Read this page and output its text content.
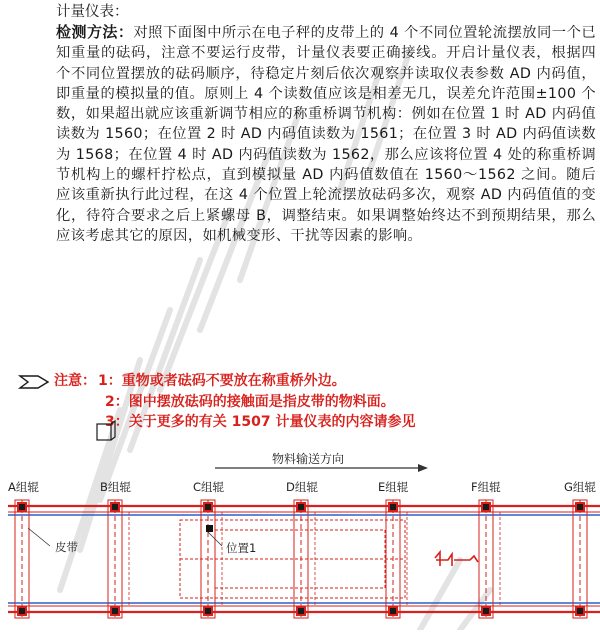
计量仪表：
检测方法：对照下面图中所示在电子秤的皮带上的 4 个不同位置轮流摆放同一个已知重量的砝码，注意不要运行皮带，计量仪表要正确接线。开启计量仪表，根据四个不同位置摆放的砝码顺序，待稳定片刻后依次观察并读取仪表参数 AD 内码值，即重量的模拟量的值。原则上 4 个读数值应该是相差无几，误差允许范围±100 个数，如果超出就应该重新调节相应的称重桥调节机构：例如在位置 1 时 AD 内码值读数为 1560；在位置 2 时 AD 内码值读数为 1561；在位置 3 时 AD 内码值读数为 1568；在位置 4 时 AD 内码值读数为 1562，那么应该将位置 4 处的称重桥调节机构上的螺杆拧松点，直到模拟量 AD 内码值数值在 1560～1562 之间。随后应该重新执行此过程，在这 4 个位置上轮流摆放砝码多次，观察 AD 内码值值的变化，待符合要求之后上紧螺母 B，调整结束。如果调整始终达不到预期结果，那么应该考虑其它的原因，如机械变形、干扰等因素的影响。
注意： 1：重物或者砝码不要放在称重桥外边。
2：图中摆放砝码的接触面是指皮带的物料面。
3：关于更多的有关 1507 计量仪表的内容请参见
物料输送方向
A组辊	B组辊	C组辊	D组辊	E组辊	F组辊	G组辊
位置1
皮带
